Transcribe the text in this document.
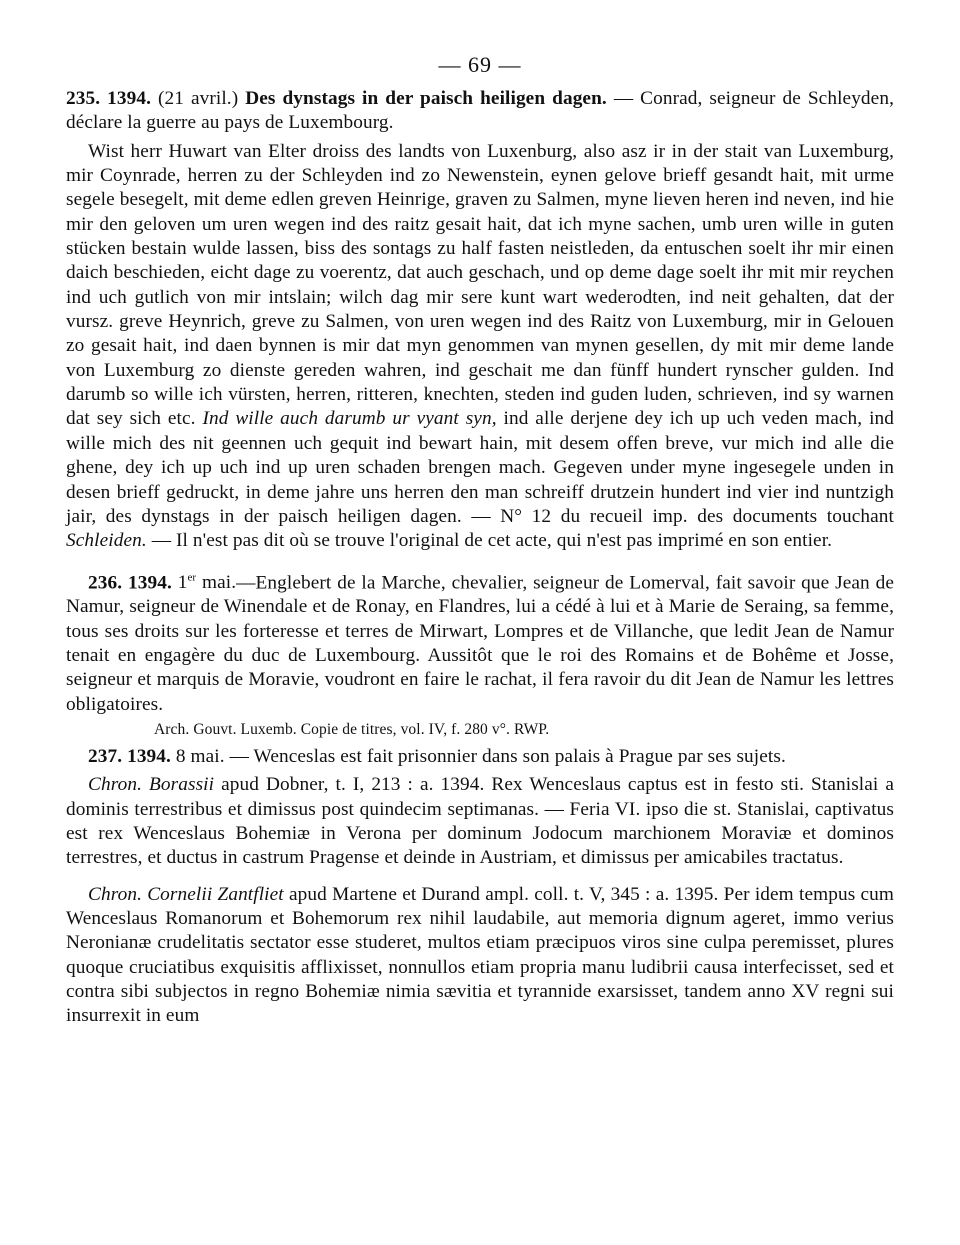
— 69 —

235. 1394. (21 avril.) Des dynstags in der paisch heiligen dagen. — Conrad, seigneur de Schleyden, déclare la guerre au pays de Luxembourg.

Wist herr Huwart van Elter droiss des landts von Luxenburg, also asz ir in der stait van Luxemburg, mir Coynrade, herren zu der Schleyden ind zo Newenstein, eynen gelove brieff gesandt hait, mit urme segele besegelt, mit deme edlen greven Heinrige, graven zu Salmen, myne lieven heren ind neven, ind hie mir den geloven um uren wegen ind des raitz gesait hait, dat ich myne sachen, umb uren wille in guten stücken bestain wulde lassen, biss des sontags zu half fasten neistleden, da entuschen soelt ihr mir einen daich beschieden, eicht dage zu voerentz, dat auch geschach, und op deme dage soelt ihr mit mir reychen ind uch gutlich von mir intslain; wilch dag mir sere kunt wart wederodten, ind neit gehalten, dat der vursz. greve Heynrich, greve zu Salmen, von uren wegen ind des Raitz von Luxemburg, mir in Gelouen zo gesait hait, ind daen bynnen is mir dat myn genommen van mynen gesellen, dy mit mir deme lande von Luxemburg zo dienste gereden wahren, ind geschait me dan fünff hundert rynscher gulden. Ind darumb so wille ich vürsten, herren, ritteren, knechten, steden ind guden luden, schrieven, ind sy warnen dat sey sich etc. Ind wille auch darumb ur vyant syn, ind alle derjene dey ich up uch veden mach, ind wille mich des nit geennen uch gequit ind bewart hain, mit desem offen breve, vur mich ind alle die ghene, dey ich up uch ind up uren schaden brengen mach. Gegeven under myne ingesegele unden in desen brieff gedruckt, in deme jahre uns herren den man schreiff drutzein hundert ind vier ind nuntzigh jair, des dynstags in der paisch heiligen dagen. — N° 12 du recueil imp. des documents touchant Schleiden. — Il n'est pas dit où se trouve l'original de cet acte, qui n'est pas imprimé en son entier.

236. 1394. 1er mai.—Englebert de la Marche, chevalier, seigneur de Lomerval, fait savoir que Jean de Namur, seigneur de Winendale et de Ronay, en Flandres, lui a cédé à lui et à Marie de Seraing, sa femme, tous ses droits sur les forteresse et terres de Mirwart, Lompres et de Villanche, que ledit Jean de Namur tenait en engagère du duc de Luxembourg. Aussitôt que le roi des Romains et de Bohême et Josse, seigneur et marquis de Moravie, voudront en faire le rachat, il fera ravoir du dit Jean de Namur les lettres obligatoires.

Arch. Gouvt. Luxemb. Copie de titres, vol. IV, f. 280 v°. RWP.

237. 1394. 8 mai. — Wenceslas est fait prisonnier dans son palais à Prague par ses sujets.

Chron. Borassii apud Dobner, t. I, 213 : a. 1394. Rex Wenceslaus captus est in festo sti. Stanislai a dominis terrestribus et dimissus post quindecim septimanas. — Feria VI. ipso die st. Stanislai, captivatus est rex Wenceslaus Bohemiæ in Verona per dominum Jodocum marchionem Moraviæ et dominos terrestres, et ductus in castrum Pragense et deinde in Austriam, et dimissus per amicabiles tractatus.

Chron. Cornelii Zantfliet apud Martene et Durand ampl. coll. t. V, 345 : a. 1395. Per idem tempus cum Wenceslaus Romanorum et Bohemorum rex nihil laudabile, aut memoria dignum ageret, immo verius Neronianæ crudelitatis sectator esse studeret, multos etiam præcipuos viros sine culpa peremisset, plures quoque cruciatibus exquisitis afflixisset, nonnullos etiam propria manu ludibrii causa interfecisset, sed et contra sibi subjectos in regno Bohemiæ nimia sævitia et tyrannide exarsisset, tandem anno XV regni sui insurrexit in eum
